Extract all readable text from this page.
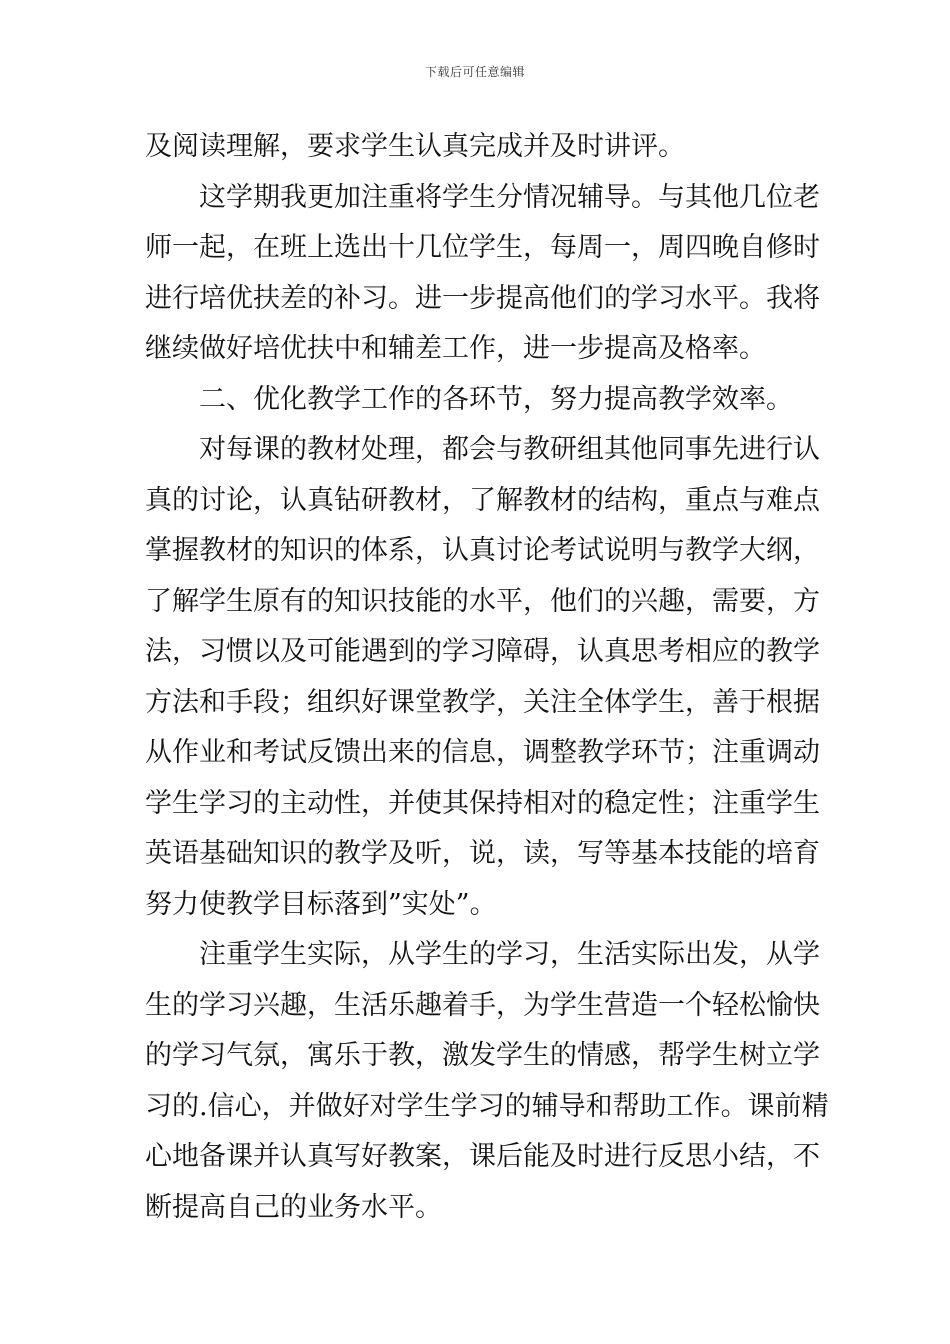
下载后可任意编辑
及阅读理解，要求学生认真完成并及时讲评。
这学期我更加注重将学生分情况辅导。与其他几位老
师一起，在班上选出十几位学生，每周一，周四晚自修时
进行培优扶差的补习。进一步提高他们的学习水平。我将
继续做好培优扶中和辅差工作，进一步提高及格率。
二、优化教学工作的各环节，努力提高教学效率。
对每课的教材处理，都会与教研组其他同事先进行认
真的讨论，认真钻研教材，了解教材的结构，重点与难点
掌握教材的知识的体系，认真讨论考试说明与教学大纲，
了解学生原有的知识技能的水平，他们的兴趣，需要，方
法，习惯以及可能遇到的学习障碍，认真思考相应的教学
方法和手段；组织好课堂教学，关注全体学生，善于根据
从作业和考试反馈出来的信息，调整教学环节；注重调动
学生学习的主动性，并使其保持相对的稳定性；注重学生
英语基础知识的教学及听，说，读，写等基本技能的培育
努力使教学目标落到”实处”。
注重学生实际，从学生的学习，生活实际出发，从学
生的学习兴趣，生活乐趣着手，为学生营造一个轻松愉快
的学习气氛，寓乐于教，激发学生的情感，帮学生树立学
习的.信心，并做好对学生学习的辅导和帮助工作。课前精
心地备课并认真写好教案，课后能及时进行反思小结，不
断提高自己的业务水平。
